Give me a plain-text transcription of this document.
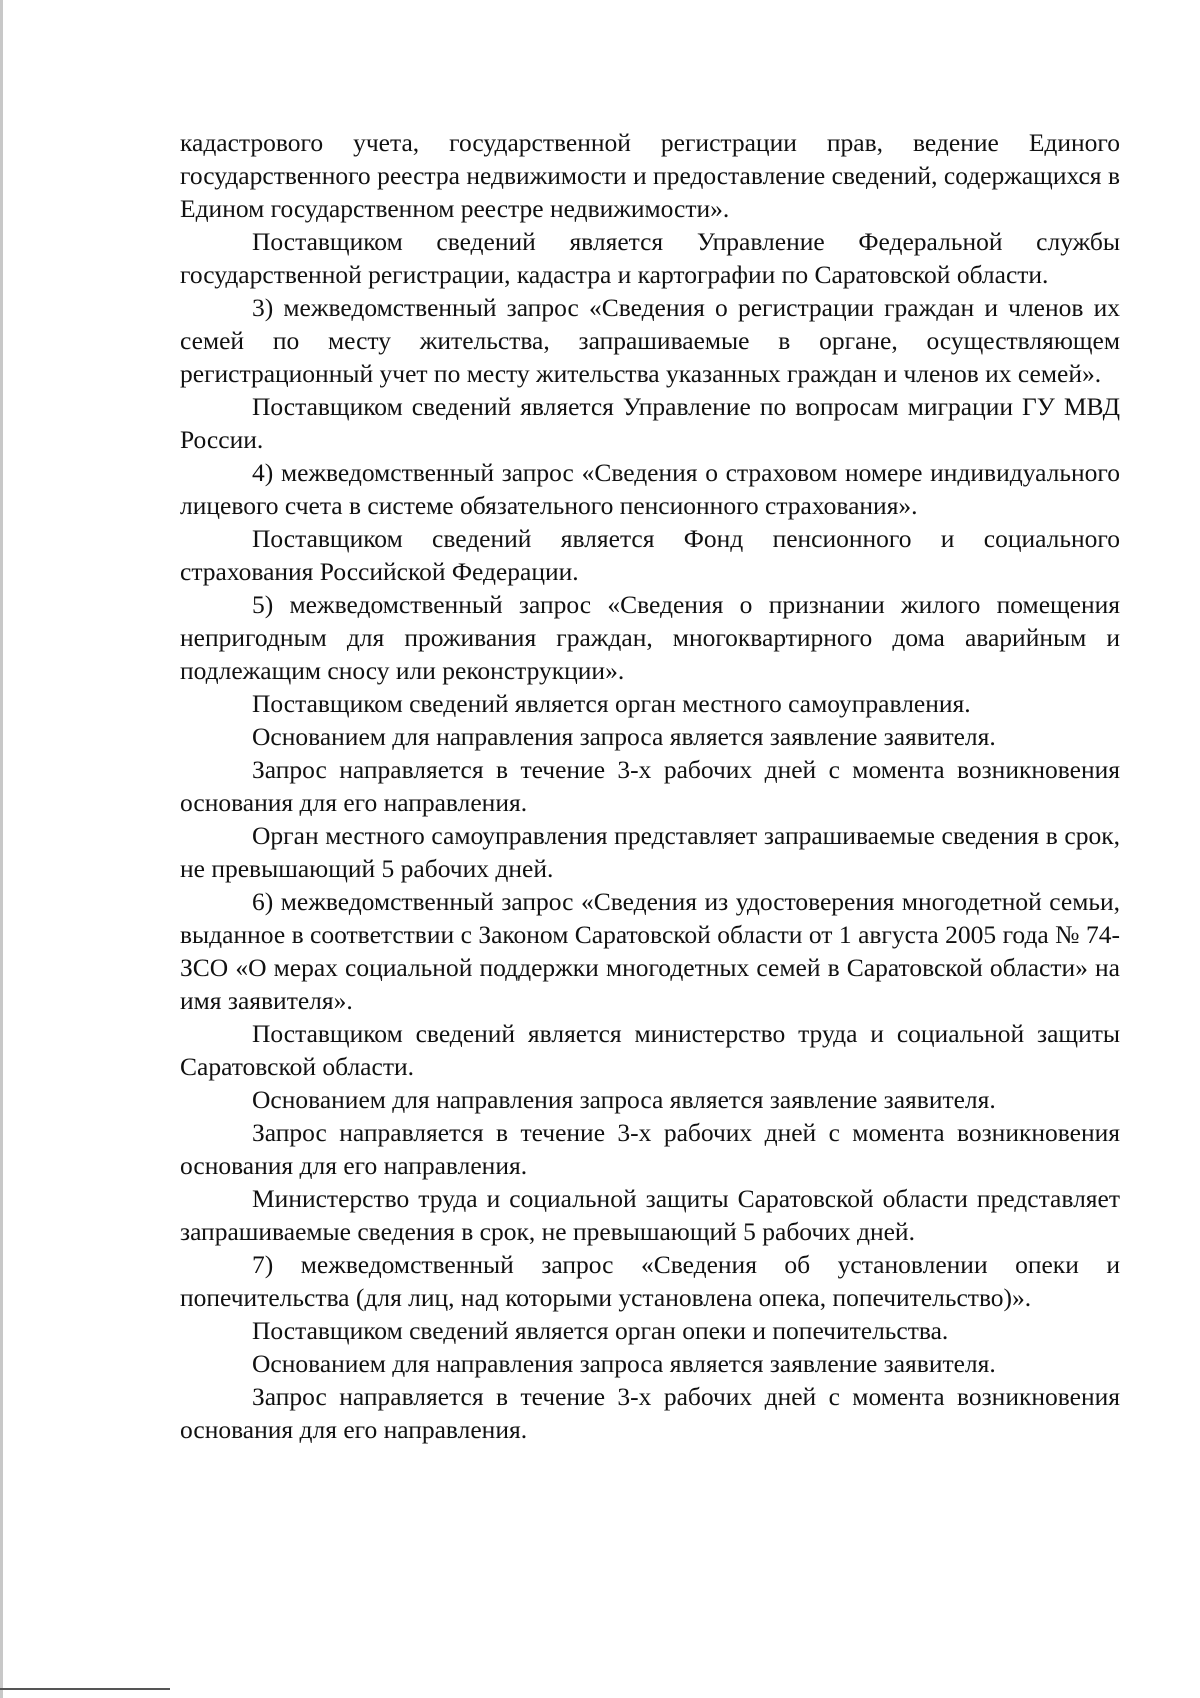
кадастрового учета, государственной регистрации прав, ведение Единого государственного реестра недвижимости и предоставление сведений, содержащихся в Едином государственном реестре недвижимости».

Поставщиком сведений является Управление Федеральной службы государственной регистрации, кадастра и картографии по Саратовской области.

3) межведомственный запрос «Сведения о регистрации граждан и членов их семей по месту жительства, запрашиваемые в органе, осуществляющем регистрационный учет по месту жительства указанных граждан и членов их семей».

Поставщиком сведений является Управление по вопросам миграции ГУ МВД России.

4) межведомственный запрос «Сведения о страховом номере индивидуального лицевого счета в системе обязательного пенсионного страхования».

Поставщиком сведений является Фонд пенсионного и социального страхования Российской Федерации.

5) межведомственный запрос «Сведения о признании жилого помещения непригодным для проживания граждан, многоквартирного дома аварийным и подлежащим сносу или реконструкции».

Поставщиком сведений является орган местного самоуправления.

Основанием для направления запроса является заявление заявителя.

Запрос направляется в течение 3-х рабочих дней с момента возникновения основания для его направления.

Орган местного самоуправления представляет запрашиваемые сведения в срок, не превышающий 5 рабочих дней.

6) межведомственный запрос «Сведения из удостоверения многодетной семьи, выданное в соответствии с Законом Саратовской области от 1 августа 2005 года № 74-ЗСО «О мерах социальной поддержки многодетных семей в Саратовской области» на имя заявителя».

Поставщиком сведений является министерство труда и социальной защиты Саратовской области.

Основанием для направления запроса является заявление заявителя.

Запрос направляется в течение 3-х рабочих дней с момента возникновения основания для его направления.

Министерство труда и социальной защиты Саратовской области представляет запрашиваемые сведения в срок, не превышающий 5 рабочих дней.

7) межведомственный запрос «Сведения об установлении опеки и попечительства (для лиц, над которыми установлена опека, попечительство)».

Поставщиком сведений является орган опеки и попечительства.

Основанием для направления запроса является заявление заявителя.

Запрос направляется в течение 3-х рабочих дней с момента возникновения основания для его направления.
